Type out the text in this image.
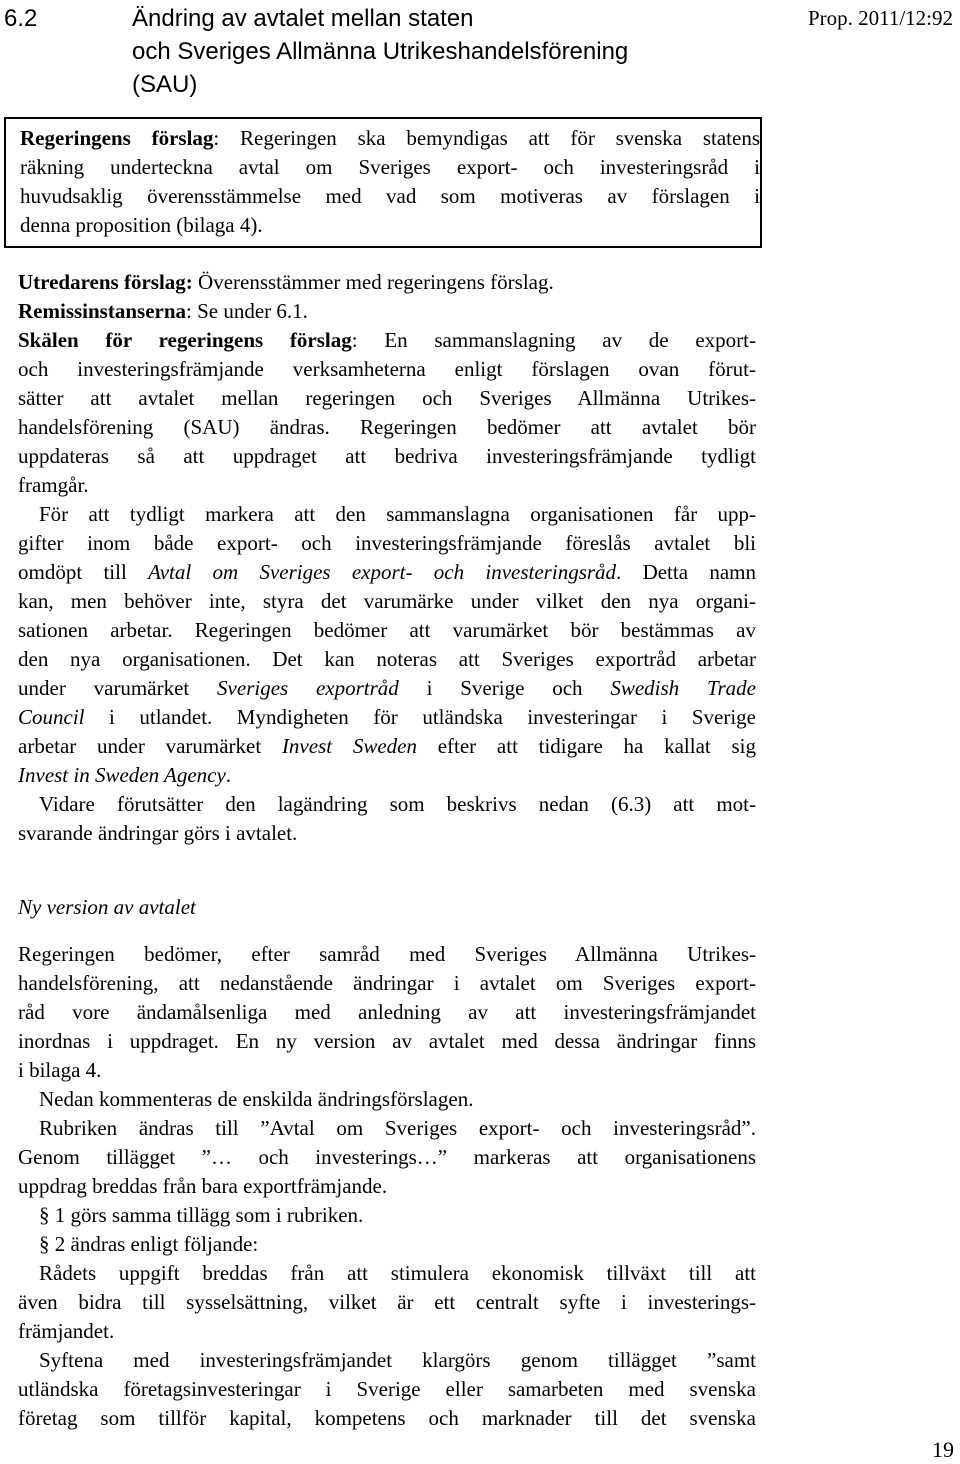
6.2	Ändring av avtalet mellan staten
och Sveriges Allmänna Utrikeshandelsförening
(SAU)
Prop. 2011/12:92
Regeringens förslag: Regeringen ska bemyndigas att för svenska statens
räkning underteckna avtal om Sveriges export- och investeringsråd i
huvudsaklig överensstämmelse med vad som motiveras av förslagen i
denna proposition (bilaga 4).
Utredarens förslag: Överensstämmer med regeringens förslag.
Remissinstanserna: Se under 6.1.
Skälen för regeringens förslag: En sammanslagning av de export-
och investeringsfrämjande verksamheterna enligt förslagen ovan förut-
sätter att avtalet mellan regeringen och Sveriges Allmänna Utrikes-
handelsförening (SAU) ändras. Regeringen bedömer att avtalet bör
uppdateras så att uppdraget att bedriva investeringsfrämjande tydligt
framgår.
För att tydligt markera att den sammanslagna organisationen får upp-
gifter inom både export- och investeringsfrämjande föreslås avtalet bli
omdöpt till Avtal om Sveriges export- och investeringsråd. Detta namn
kan, men behöver inte, styra det varumärke under vilket den nya organi-
sationen arbetar. Regeringen bedömer att varumärket bör bestämmas av
den nya organisationen. Det kan noteras att Sveriges exportråd arbetar
under varumärket Sveriges exportråd i Sverige och Swedish Trade
Council i utlandet. Myndigheten för utländska investeringar i Sverige
arbetar under varumärket Invest Sweden efter att tidigare ha kallat sig
Invest in Sweden Agency.
Vidare förutsätter den lagändring som beskrivs nedan (6.3) att mot-
svarande ändringar görs i avtalet.
Ny version av avtalet
Regeringen bedömer, efter samråd med Sveriges Allmänna Utrikes-
handelsförening, att nedanstående ändringar i avtalet om Sveriges export-
råd vore ändamålsenliga med anledning av att investeringsfrämjandet
inordnas i uppdraget. En ny version av avtalet med dessa ändringar finns
i bilaga 4.
Nedan kommenteras de enskilda ändringsförslagen.
Rubriken ändras till ”Avtal om Sveriges export- och investeringsråd”.
Genom tillägget ”… och investerings…” markeras att organisationens
uppdrag breddas från bara exportfrämjande.
§ 1 görs samma tillägg som i rubriken.
§ 2 ändras enligt följande:
Rådets uppgift breddas från att stimulera ekonomisk tillväxt till att
även bidra till sysselsättning, vilket är ett centralt syfte i investerings-
främjandet.
Syftena med investeringsfrämjandet klargörs genom tillägget ”samt
utländska företagsinvesteringar i Sverige eller samarbeten med svenska
företag som tillför kapital, kompetens och marknader till det svenska
19
